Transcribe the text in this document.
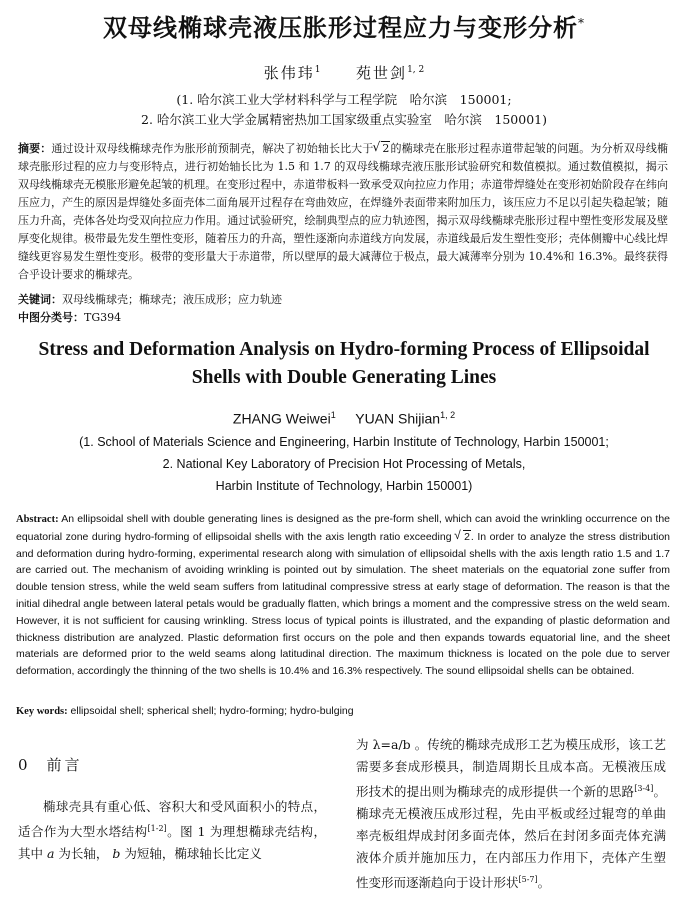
双母线椭球壳液压胀形过程应力与变形分析*
张伟玮$^1$ 苑世剑$^{1, 2}$
(1. 哈尔滨工业大学材料科学与工程学院　哈尔滨　150001;
2. 哈尔滨工业大学金属精密热加工国家级重点实验室　哈尔滨　150001)
摘要：通过设计双母线椭球壳作为胀形前预制壳，解决了初始轴长比大于√ 2的椭球壳在胀形过程赤道带起皱的问题。为分析双母线椭球壳胀形过程的应力与变形特点，进行初始轴长比为 1.5 和 1.7 的双母线椭球壳液压胀形试验研究和数值模拟。通过数值模拟，揭示双母线椭球壳无模胀形避免起皱的机理。在变形过程中，赤道带板料一致承受双向拉应力作用；赤道带焊缝处在变形初始阶段存在纬向压应力，产生的原因是焊缝处多面壳体二面角展开过程存在弯曲效应，在焊缝外表面带来附加压力，该压应力不足以引起失稳起皱；随压力升高，壳体各处均受双向拉应力作用。通过试验研究，绘制典型点的应力轨迹图，揭示双母线椭球壳胀形过程中塑性变形发展及壁厚变化规律。极带最先发生塑性变形，随着压力的升高，塑性逐渐向赤道线方向发展，赤道线最后发生塑性变形；壳体侧瓣中心线比焊缝线更容易发生塑性变形。极带的变形量大于赤道带，所以壁厚的最大减薄位于极点，最大减薄率分别为 10.4%和 16.3%。最终获得合乎设计要求的椭球壳。
关键词：双母线椭球壳；椭球壳；液压成形；应力轨迹
中图分类号：TG394
Stress and Deformation Analysis on Hydro-forming Process of Ellipsoidal
Shells with Double Generating Lines
ZHANG Weiwei$^1$ YUAN Shijian$^{1, 2}$
(1. School of Materials Science and Engineering, Harbin Institute of Technology, Harbin 150001;
2. National Key Laboratory of Precision Hot Processing of Metals,
Harbin Institute of Technology, Harbin 150001)
Abstract: An ellipsoidal shell with double generating lines is designed as the pre-form shell, which can avoid the wrinkling occurrence on the equatorial zone during hydro-forming of ellipsoidal shells with the axis length ratio exceeding √ 2. In order to analyze the stress distribution and deformation during hydro-forming, experimental research along with simulation of ellipsoidal shells with the axis length ratio 1.5 and 1.7 are carried out. The mechanism of avoiding wrinkling is pointed out by simulation. The sheet materials on the equatorial zone suffer from double tension stress, while the weld seam suffers from latitudinal compressive stress at early stage of deformation. The reason is that the initial dihedral angle between lateral petals would be gradually flatten, which brings a moment and the compressive stress on the weld seam. However, it is not sufficient for causing wrinkling. Stress locus of typical points is illustrated, and the expanding of plastic deformation and thickness distribution are analyzed. Plastic deformation first occurs on the pole and then expands towards equatorial line, and the sheet materials are deformed prior to the weld seams along latitudinal direction. The maximum thickness is located on the pole due to server deformation, accordingly the thinning of the two shells is 10.4% and 16.3% respectively. The sound ellipsoidal shells can be obtained.
Key words: ellipsoidal shell; spherical shell; hydro-forming; hydro-bulging
0 前言
椭球壳具有重心低、容积大和受风面积小的特点，适合作为大型水塔结构[1-2]。图 1 为理想椭球壳结构，其中 a 为长轴， b 为短轴，椭球轴长比定义
为 λ=a/b 。传统的椭球壳成形工艺为模压成形，该工艺需要多套成形模具，制造周期长且成本高。无模液压成形技术的提出则为椭球壳的成形提供一个新的思路[3-4]。椭球壳无模液压成形过程，先由平板或经过辊弯的单曲率壳板组焊成封闭多面壳体，然后在封闭多面壳体充满液体介质并施加压力，在内部压力作用下，壳体产生塑性变形而逐渐趋向于设计形状[5-7]。
